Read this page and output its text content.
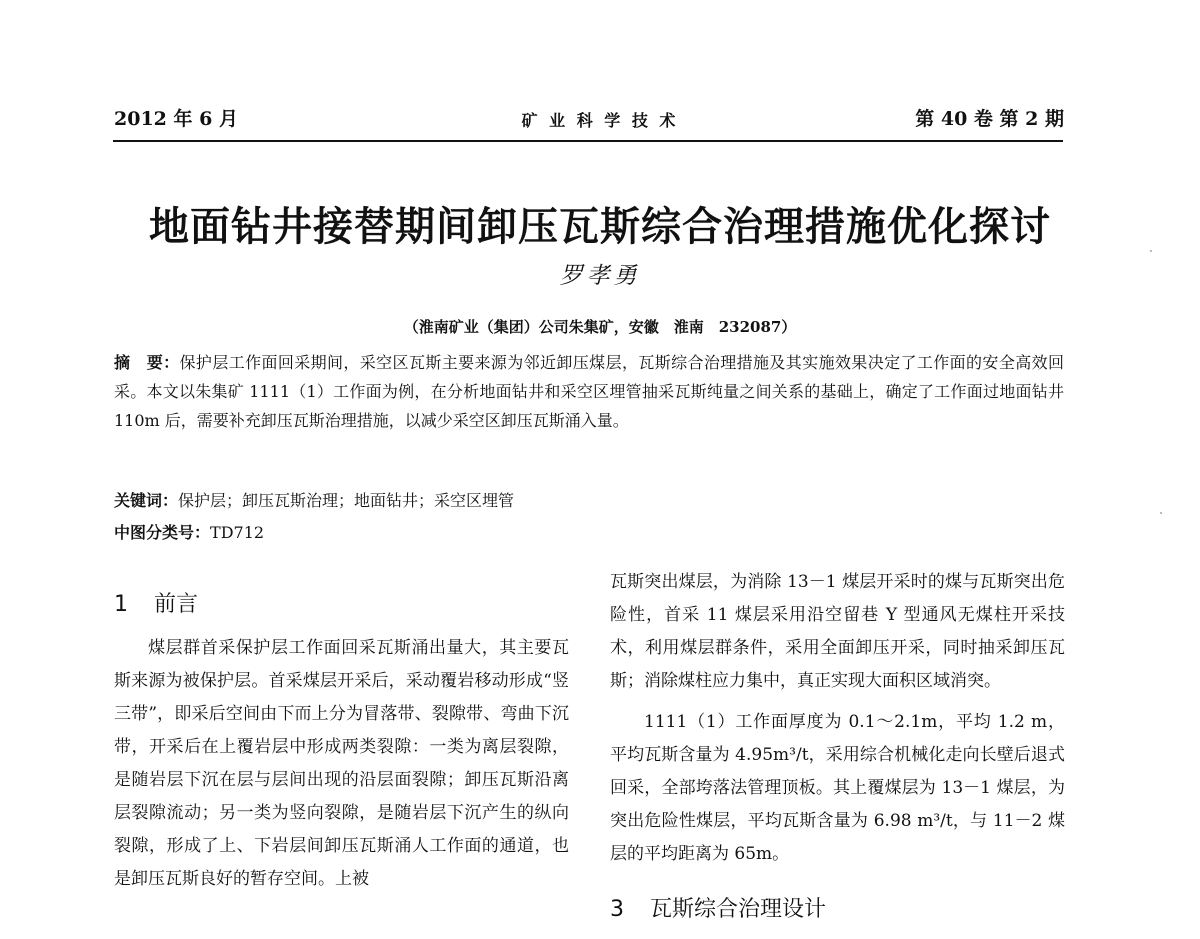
2012 年 6 月	矿 业 科 学 技 术	第 40 卷 第 2 期
地面钻井接替期间卸压瓦斯综合治理措施优化探讨
罗孝勇
（淮南矿业（集团）公司朱集矿，安徽　淮南　232087）
摘　要：保护层工作面回采期间，采空区瓦斯主要来源为邻近卸压煤层，瓦斯综合治理措施及其实施效果决定了工作面的安全高效回采。本文以朱集矿 1111（1）工作面为例，在分析地面钻井和采空区埋管抽采瓦斯纯量之间关系的基础上，确定了工作面过地面钻井 110m 后，需要补充卸压瓦斯治理措施，以减少采空区卸压瓦斯涌入量。
关键词：保护层；卸压瓦斯治理；地面钻井；采空区埋管
中图分类号：TD712
1 前言

煤层群首采保护层工作面回采瓦斯涌出量大，其主要瓦斯来源为被保护层。首采煤层开采后，采动覆岩移动形成“竖三带”，即采后空间由下而上分为冒落带、裂隙带、弯曲下沉带，开采后在上覆岩层中形成两类裂隙：一类为离层裂隙，是随岩层下沉在层与层间出现的沿层面裂隙；卸压瓦斯沿离层裂隙流动；另一类为竖向裂隙，是随岩层下沉产生的纵向裂隙，形成了上、下岩层间卸压瓦斯涌人工作面的通道，也是卸压瓦斯良好的暂存空间。上被

瓦斯突出煤层，为消除 13－1 煤层开采时的煤与瓦斯突出危险性，首采 11 煤层采用沿空留巷 Y 型通风无煤柱开采技术，利用煤层群条件，采用全面卸压开采，同时抽采卸压瓦斯；消除煤柱应力集中，真正实现大面积区域消突。

1111（1）工作面厚度为 0.1～2.1m，平均 1.2 m，平均瓦斯含量为 4.95m³/t，采用综合机械化走向长壁后退式回采，全部垮落法管理顶板。其上覆煤层为 13－1 煤层，为突出危险性煤层，平均瓦斯含量为 6.98 m³/t，与 11－2 煤层的平均距离为 65m。

3 瓦斯综合治理设计
